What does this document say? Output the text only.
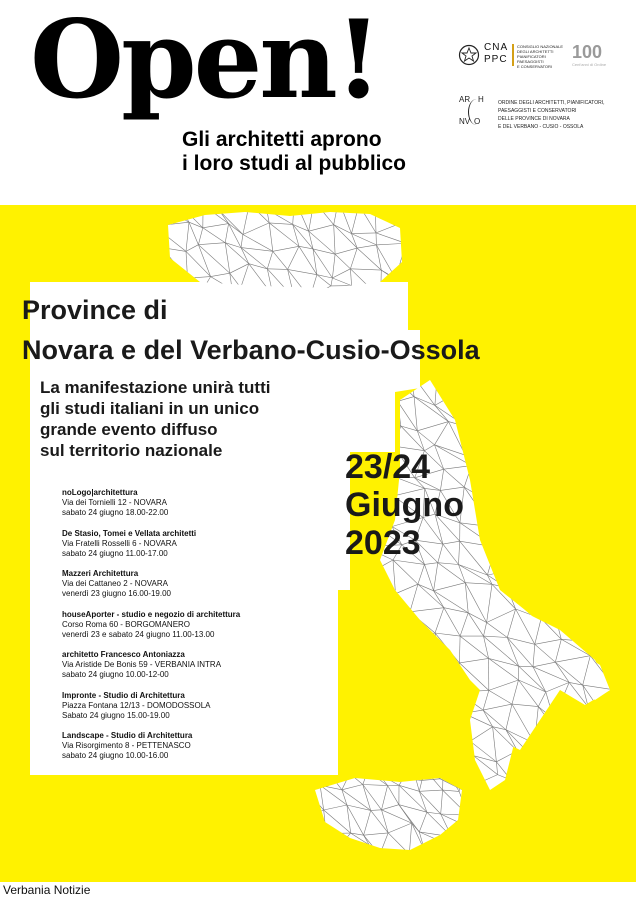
Open!
Gli architetti aprono
i loro studi al pubblico
CNA
PPC
CONSIGLIO NAZIONALE
DEGLI ARCHITETTI
PIANIFICATORI
PAESAGGISTI
E CONSERVATORI
100
Cent'anni di Ordine
AR H
NV O
ORDINE DEGLI ARCHITETTI, PIANIFICATORI,
PAESAGGISTI E CONSERVATORI
DELLE PROVINCE DI NOVARA
E DEL VERBANO - CUSIO - OSSOLA
Province di
Novara e del Verbano-Cusio-Ossola
La manifestazione unirà tutti
gli studi italiani in un unico
grande evento diffuso
sul territorio nazionale	23/24
Giugno
2023
noLogo|architettura
Via dei Tornielli 12 - NOVARA
sabato 24 giugno 18.00-22.00
De Stasio, Tomei e Vellata architetti
Via Fratelli Rosselli 6 - NOVARA
sabato 24 giugno 11.00-17.00
Mazzeri Architettura
Via dei Cattaneo 2 - NOVARA
venerdì 23 giugno 16.00-19.00
houseAporter - studio e negozio di architettura
Corso Roma 60 - BORGOMANERO
venerdì 23 e sabato 24 giugno 11.00-13.00
architetto Francesco Antoniazza
Via Aristide De Bonis 59 - VERBANIA INTRA
sabato 24 giugno 10.00-12-00
Impronte - Studio di Architettura
Piazza Fontana 12/13 - DOMODOSSOLA
Sabato 24 giugno 15.00-19.00
Landscape - Studio di Architettura
Via Risorgimento 8 - PETTENASCO
sabato 24 giugno 10.00-16.00
Verbania Notizie
